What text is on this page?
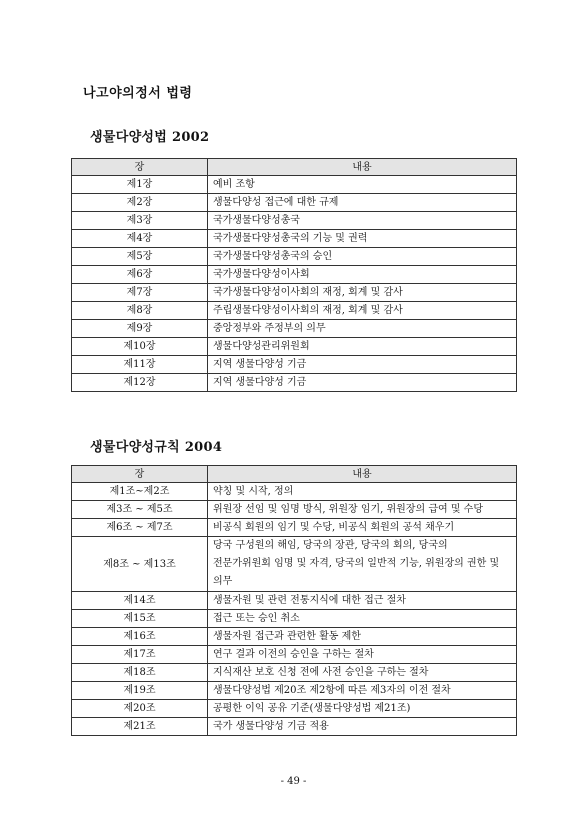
나고야의정서 법령
생물다양성법 2002
장	내용
제1장	예비 조항
제2장	생물다양성 접근에 대한 규제
제3장	국가생물다양성총국
제4장	국가생물다양성총국의 기능 및 권력
제5장	국가생물다양성총국의 승인
제6장	국가생물다양성이사회
제7장	국가생물다양성이사회의 재정, 회계 및 감사
제8장	주립생물다양성이사회의 재정, 회계 및 감사
제9장	중앙정부와 주정부의 의무
제10장	생물다양성관리위원회
제11장	지역 생물다양성 기금
제12장	지역 생물다양성 기금
생물다양성규칙 2004
장	내용
제1조~제2조	약칭 및 시작, 정의
제3조 ~ 제5조	위원장 선임 및 임명 방식, 위원장 임기, 위원장의 급여 및 수당
제6조 ~ 제7조	비공식 회원의 임기 및 수당, 비공식 회원의 공석 채우기
제8조 ~ 제13조	당국 구성원의 해임, 당국의 장관, 당국의 회의, 당국의
전문가위원회 임명 및 자격, 당국의 일반적 기능, 위원장의 권한 및
의무

제14조	생물자원 및 관련 전통지식에 대한 접근 절차
제15조	접근 또는 승인 취소
제16조	생물자원 접근과 관련한 활동 제한
제17조	연구 결과 이전의 승인을 구하는 절차
제18조	지식재산 보호 신청 전에 사전 승인을 구하는 절차
제19조	생물다양성법 제20조 제2항에 따른 제3자의 이전 절차
제20조	공평한 이익 공유 기준(생물다양성법 제21조)
제21조	국가 생물다양성 기금 적용
- 49 -
